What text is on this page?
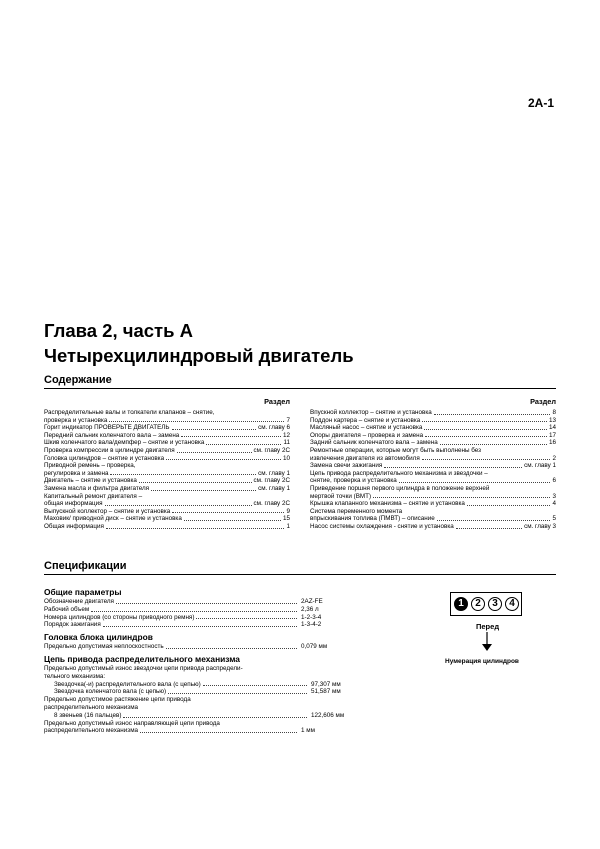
2A-1
Глава 2, часть A
Четырехцилиндровый двигатель
Содержание
Раздел
Распределительные валы и толкатели клапанов – снятие,
проверка и установка	7
Горит индикатор ПРОВЕРЬТЕ ДВИГАТЕЛЬ	см. главу 6
Передний сальник коленчатого вала – замена	12
Шкив коленчатого вала/демпфер – снятие и установка	11
Проверка компрессии в цилиндре двигателя	см. главу 2C
Головка цилиндров – снятие и установка	10
Приводной ремень – проверка,
регулировка и замена	см. главу 1
Двигатель – снятие и установка	см. главу 2C
Замена масла и фильтра двигателя	см. главу 1
Капитальный ремонт двигателя –
общая информация	см. главу 2C
Выпускной коллектор – снятие и установка	9
Маховик/ приводной диск – снятие и установка	15
Общая информация	1
Раздел
Впускной коллектор – снятие и установка	8
Поддон картера – снятие и установка	13
Масляный насос – снятие и установка	14
Опоры двигателя – проверка и замена	17
Задний сальник коленчатого вала – замена	16
Ремонтные операции, которые могут быть выполнены без
извлечения двигателя из автомобиля	2
Замена свечи зажигания	см. главу 1
Цепь привода распределительного механизма и звездочки –
снятие, проверка и установка	6
Приведение поршня первого цилиндра в положение верхней
мертвой точки (ВМТ)	3
Крышка клапанного механизма – снятие и установка	4
Система переменного момента
впрыскивания топлива (ПМВТ) – описание	5
Насос системы охлаждения - снятие и установка	см. главу 3
Спецификации
Общие параметры
Обозначение двигателя	2AZ-FE
Рабочий объем	2,36 л
Номера цилиндров (со стороны приводного ремня)	1-2-3-4
Порядок зажигания	1-3-4-2
Головка блока цилиндров
Предельно допустимая неплоскостность	0,079 мм
Цепь привода распределительного механизма
Предельно допустимый износ звездочки цепи привода распредели-
тельного механизма:
Звездочка(-и) распределительного вала (с цепью)	97,307 мм
Звездочка коленчатого вала (с цепью)	51,587 мм
Предельно допустимое растяжение цепи привода
распределительного механизма
8 звеньев (16 пальцев)	122,606 мм
Предельно допустимый износ направляющей цепи привода
распределительного механизма	1 мм
1	2	3	4
Перед
Нумерация цилиндров
